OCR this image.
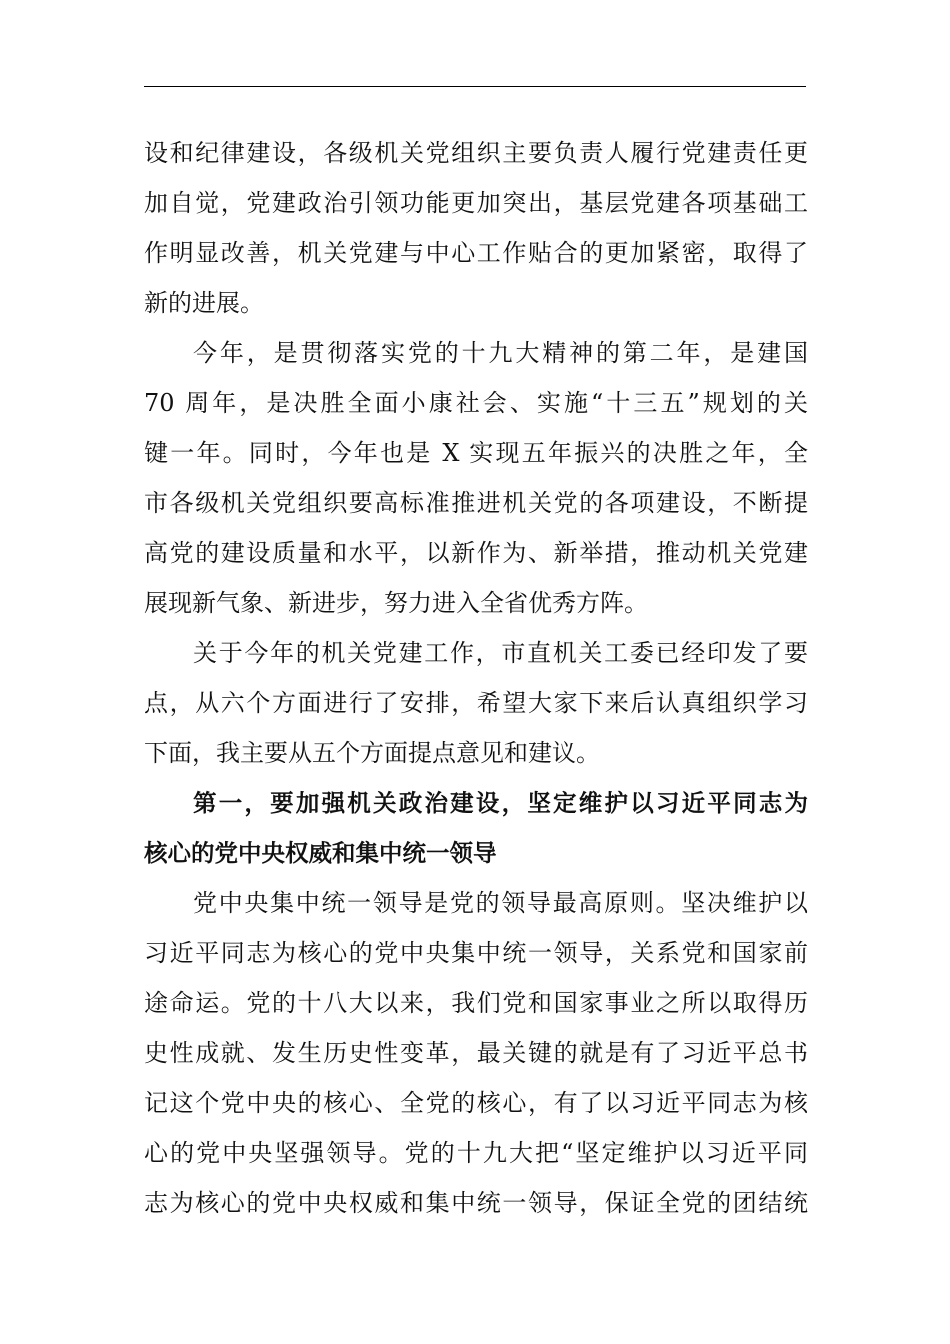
设和纪律建设，各级机关党组织主要负责人履行党建责任更
加自觉，党建政治引领功能更加突出，基层党建各项基础工
作明显改善，机关党建与中心工作贴合的更加紧密，取得了
新的进展。
今年，是贯彻落实党的十九大精神的第二年，是建国
70 周年，是决胜全面小康社会、实施“十三五”规划的关
键一年。同时，今年也是 X 实现五年振兴的决胜之年，全
市各级机关党组织要高标准推进机关党的各项建设，不断提
高党的建设质量和水平，以新作为、新举措，推动机关党建
展现新气象、新进步，努力进入全省优秀方阵。
关于今年的机关党建工作，市直机关工委已经印发了要
点，从六个方面进行了安排，希望大家下来后认真组织学习
下面，我主要从五个方面提点意见和建议。
第一，要加强机关政治建设，坚定维护以习近平同志为
核心的党中央权威和集中统一领导
党中央集中统一领导是党的领导最高原则。坚决维护以
习近平同志为核心的党中央集中统一领导，关系党和国家前
途命运。党的十八大以来，我们党和国家事业之所以取得历
史性成就、发生历史性变革，最关键的就是有了习近平总书
记这个党中央的核心、全党的核心，有了以习近平同志为核
心的党中央坚强领导。党的十九大把“坚定维护以习近平同
志为核心的党中央权威和集中统一领导，保证全党的团结统
